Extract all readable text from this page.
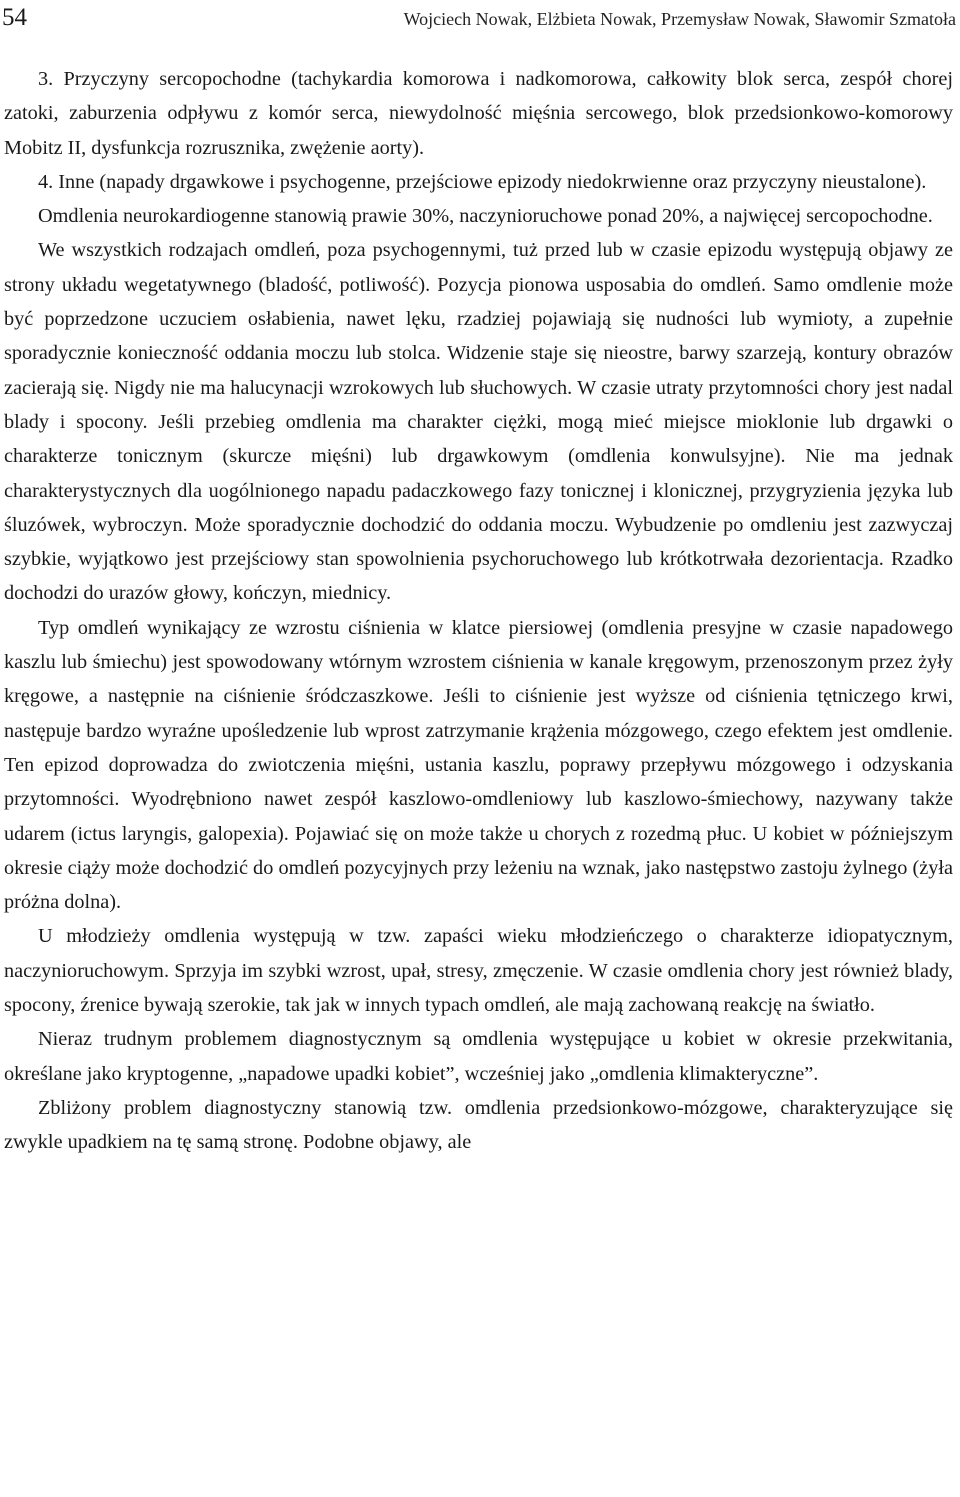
54	Wojciech Nowak, Elżbieta Nowak, Przemysław Nowak, Sławomir Szmatoła

3. Przyczyny sercopochodne (tachykardia komorowa i nadkomorowa, całkowity blok serca, zespół chorej zatoki, zaburzenia odpływu z komór serca, niewydolność mięśnia sercowego, blok przedsionkowo-komorowy Mobitz II, dysfunkcja rozrusznika, zwężenie aorty).

4. Inne (napady drgawkowe i psychogenne, przejściowe epizody niedokrwienne oraz przyczyny nieustalone).

Omdlenia neurokardiogenne stanowią prawie 30%, naczynioruchowe ponad 20%, a najwięcej sercopochodne.

We wszystkich rodzajach omdleń, poza psychogennymi, tuż przed lub w czasie epizodu występują objawy ze strony układu wegetatywnego (bladość, potliwość). Pozycja pionowa usposabia do omdleń. Samo omdlenie może być poprzedzone uczuciem osłabienia, nawet lęku, rzadziej pojawiają się nudności lub wymioty, a zupełnie sporadycznie konieczność oddania moczu lub stolca. Widzenie staje się nieostre, barwy szarzeją, kontury obrazów zacierają się. Nigdy nie ma halucynacji wzrokowych lub słuchowych. W czasie utraty przytomności chory jest nadal blady i spocony. Jeśli przebieg omdlenia ma charakter ciężki, mogą mieć miejsce mioklonie lub drgawki o charakterze tonicznym (skurcze mięśni) lub drgawkowym (omdlenia konwulsyjne). Nie ma jednak charakterystycznych dla uogólnionego napadu padaczkowego fazy tonicznej i klonicznej, przygryzienia języka lub śluzówek, wybroczyn. Może sporadycznie dochodzić do oddania moczu. Wybudzenie po omdleniu jest zazwyczaj szybkie, wyjątkowo jest przejściowy stan spowolnienia psychoruchowego lub krótkotrwała dezorientacja. Rzadko dochodzi do urazów głowy, kończyn, miednicy.

Typ omdleń wynikający ze wzrostu ciśnienia w klatce piersiowej (omdlenia presyjne w czasie napadowego kaszlu lub śmiechu) jest spowodowany wtórnym wzrostem ciśnienia w kanale kręgowym, przenoszonym przez żyły kręgowe, a następnie na ciśnienie śródczaszkowe. Jeśli to ciśnienie jest wyższe od ciśnienia tętniczego krwi, następuje bardzo wyraźne upośledzenie lub wprost zatrzymanie krążenia mózgowego, czego efektem jest omdlenie. Ten epizod doprowadza do zwiotczenia mięśni, ustania kaszlu, poprawy przepływu mózgowego i odzyskania przytomności. Wyodrębniono nawet zespół kaszlowo-omdleniowy lub kaszlowo-śmiechowy, nazywany także udarem (ictus laryngis, galopexia). Pojawiać się on może także u chorych z rozedmą płuc. U kobiet w późniejszym okresie ciąży może dochodzić do omdleń pozycyjnych przy leżeniu na wznak, jako następstwo zastoju żylnego (żyła próżna dolna).

U młodzieży omdlenia występują w tzw. zapaści wieku młodzieńczego o charakterze idiopatycznym, naczynioruchowym. Sprzyja im szybki wzrost, upał, stresy, zmęczenie. W czasie omdlenia chory jest również blady, spocony, źrenice bywają szerokie, tak jak w innych typach omdleń, ale mają zachowaną reakcję na światło.

Nieraz trudnym problemem diagnostycznym są omdlenia występujące u kobiet w okresie przekwitania, określane jako kryptogenne, „napadowe upadki kobiet”, wcześniej jako „omdlenia klimakteryczne”.

Zbliżony problem diagnostyczny stanowią tzw. omdlenia przedsionkowo-mózgowe, charakteryzujące się zwykle upadkiem na tę samą stronę. Podobne objawy, ale
